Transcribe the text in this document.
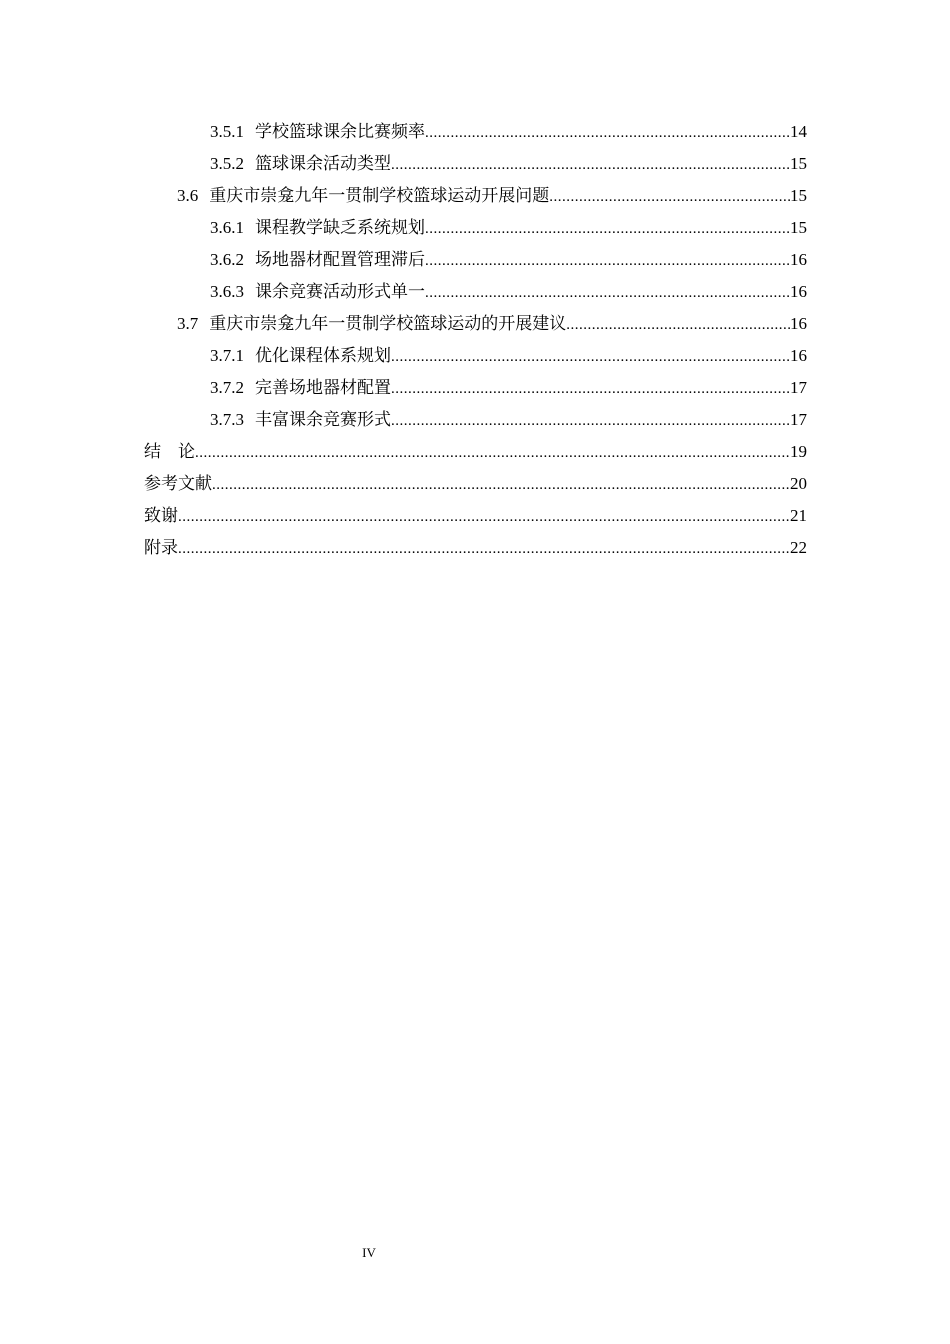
3.5.1 学校篮球课余比赛频率 .....	14
3.5.2 篮球课余活动类型 .....	15
3.6 重庆市崇龛九年一贯制学校篮球运动开展问题 .....	15
3.6.1 课程教学缺乏系统规划 .....	15
3.6.2 场地器材配置管理滞后 .....	16
3.6.3 课余竞赛活动形式单一 .....	16
3.7 重庆市崇龛九年一贯制学校篮球运动的开展建议 .....	16
3.7.1 优化课程体系规划 .....	16
3.7.2 完善场地器材配置 .....	17
3.7.3 丰富课余竞赛形式 .....	17
结　论 .....	19
参考文献 .....	20
致谢 .....	21
附录 .....	22
IV
